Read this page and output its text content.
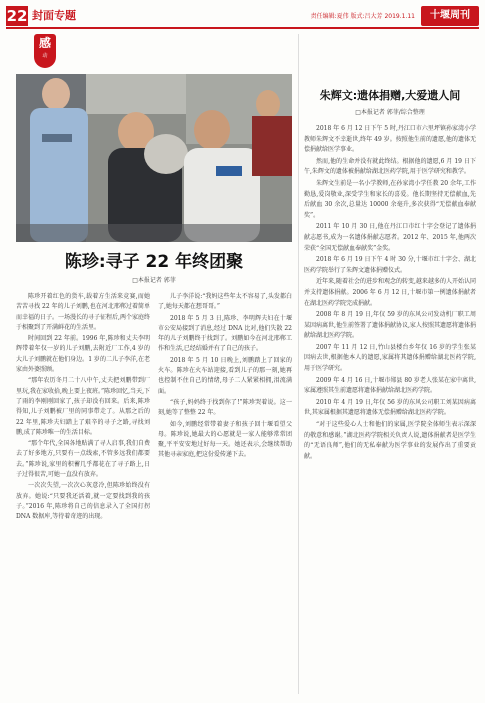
22 封面专题	责任编辑:夏伟 版式:吕大芳 2019.1.11	十堰周刊
感
动
陈珍:寻子 22 年终团聚
□本报记者 郭菲

陈珍开着红色的货车,载着方生活来竞赛,而她苦苦寻找 22 年的儿子刘鹏,也在河北邢郸过着简单而幸福的日子。一场漫长的寻子征程后,两个家庭终于相聚到了开满鲜花的生活里。

时间回到 22 年前。1996 年,陈珍和丈夫李明辉带着年仅一岁的儿子刘鹏,去附近厂工作,4 岁的大儿子刘鹏就在他们身边。1 岁的二儿子李洋,在老家由外婆照顾。

“那年农历冬月二十八中午,丈夫把刘鹏带到厂里玩,我在家收拾,晚上要上夜班。”陈珍回忆,当天,下了雨的李刚刚回家了,孩子却没有回来。后来,陈珍得知,儿子刘鹏被厂里的同事带走了。从那之后的 22 年里,陈珍夫妇踏上了艰辛的寻子之路,寻找刘鹏,成了陈珍唯一的生活目标。

“那个年代,全国各地贴满了寻人启事,我们自费去了好多地方,只要有一点线索,不管多远我们都要去。”陈珍说,家里的积蓄几乎都花在了寻子路上,日子过得很苦,可她一直没有放弃。

一次次失望,一次次心灰意冷,但陈珍始终没有放弃。她说:“只要我还活着,就一定要找到我的孩子。”2016 年,陈珍将自己的信息录入了全国打拐 DNA 数据库,等待着奇迹的出现。

儿子李洋说:“我妈这些年太不容易了,头发都白了,她每天都在想哥哥。”

2018 年 5 月 3 日,陈珍、李明辉夫妇在十堰市公安局接到了消息,经过 DNA 比对,他们失散 22 年的儿子刘鹏终于找到了。刘鹏如今在河北邢郸工作和生活,已经结婚并有了自己的孩子。

2018 年 5 月 10 日晚上,刘鹏踏上了回家的火车。陈珍在火车站迎接,看到儿子的那一刻,她再也控制不住自己的情绪,母子二人紧紧相拥,泪流满面。

“孩子,妈妈终于找到你了!”陈珍哭着说。这一刻,她等了整整 22 年。

如今,刘鹏经常带着妻子和孩子回十堰看望父母。陈珍说,她最大的心愿就是一家人能够常常团聚,平平安安地过好每一天。她还表示,会继续帮助其他寻亲家庭,把这份爱传递下去。

朱辉文:遗体捐赠,大爱遗人间
□本报记者 郭菲/综合整理

2018 年 6 月 12 日下午 5 时,丹江口市六里坪镇孙家湾小学教师朱辉文不幸逝世,终年 49 岁。按照他生前的遗愿,他的遗体无偿捐献给医学事业。

然而,他的生命并没有就此终结。根据他的遗愿,6 月 19 日下午,朱辉文的遗体被捐献给湖北医药学院,用于医学研究和教学。

朱辉文生前是一名小学教师,在孙家湾小学任教 20 余年,工作勤恳,爱岗敬业,深受学生和家长的喜爱。他长期坚持无偿献血,先后献血 30 余次,总量达 10000 余毫升,多次获得“无偿献血奉献奖”。

2011 年 10 月 30 日,他在丹江口市红十字会登记了遗体捐献志愿书,成为一名遗体捐献志愿者。2012 年、2015 年,他两次荣获“全国无偿献血奉献奖”金奖。

2018 年 6 月 19 日下午 4 时 30 分,十堰市红十字会、湖北医药学院举行了朱辉文遗体捐赠仪式。

近年来,随着社会的进步和观念的转变,越来越多的人开始认同并支持遗体捐献。2006 年 6 月 12 日,十堰市第一例遗体捐献者在湖北医药学院完成捐献。

2008 年 8 月 19 日,年仅 59 岁的东风公司发动机厂职工周某因病离世,他生前签署了遗体捐献协议,家人按照其遗愿将遗体捐献给湖北医药学院。

2007 年 11 月 12 日,竹山县楼台乡年仅 16 岁的学生张某因病去世,根据他本人的遗愿,家属将其遗体捐赠给湖北医药学院,用于医学研究。

2009 年 4 月 16 日,十堰市郧县 80 岁老人张某在家中离世,家属遵照其生前遗愿将遗体捐献给湖北医药学院。

2010 年 4 月 19 日,年仅 56 岁的东风公司职工刘某因病离世,其家属根据其遗愿将遗体无偿捐赠给湖北医药学院。

“对于这些爱心人士和他们的家属,医学院全体师生表示深深的敬意和感谢。”湖北医药学院相关负责人说,遗体捐献者是医学生的“无语良师”,他们的无私奉献为医学事业的发展作出了重要贡献。
